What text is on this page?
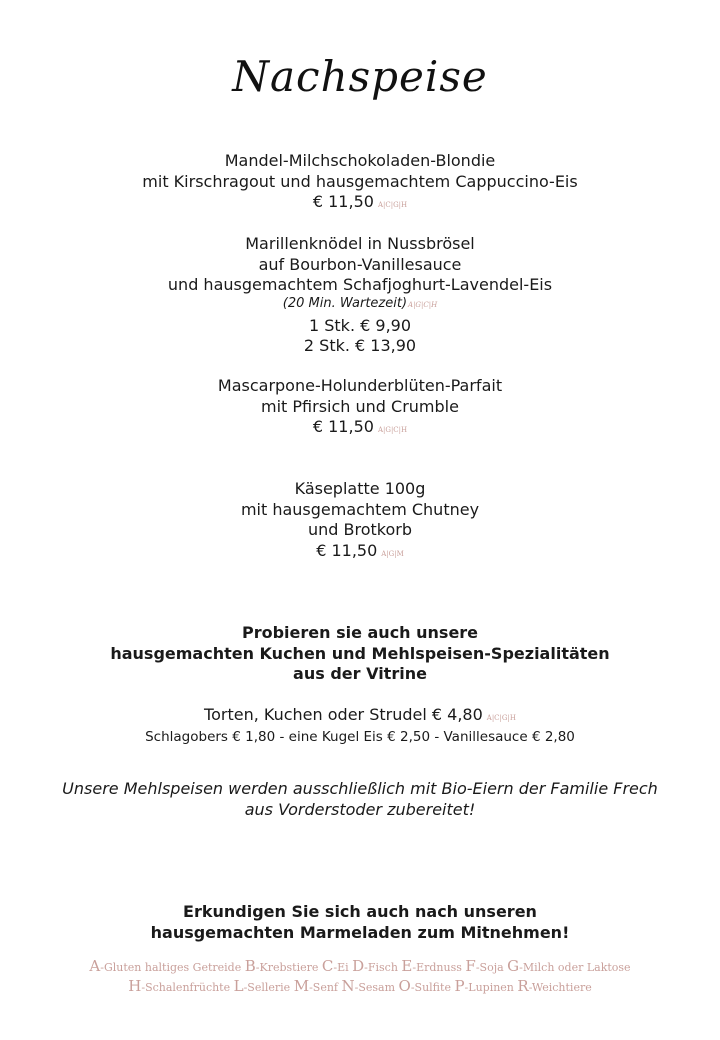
Nachspeise
Mandel-Milchschokoladen-Blondie
mit Kirschragout und hausgemachtem Cappuccino-Eis
€ 11,50 A|C|G|H
Marillenknödel in Nussbrösel
auf Bourbon-Vanillesauce
und hausgemachtem Schafjoghurt-Lavendel-Eis
(20 Min. Wartezeit)A|G|C|H
1 Stk. € 9,90
2 Stk. € 13,90
Mascarpone-Holunderblüten-Parfait
mit Pfirsich und Crumble
€ 11,50 A|G|C|H
Käseplatte 100g
mit hausgemachtem Chutney
und Brotkorb
€ 11,50 A|G|M
Probieren sie auch unsere
hausgemachten Kuchen und Mehlspeisen-Spezialitäten
aus der Vitrine
Torten, Kuchen oder Strudel € 4,80 A|C|G|H
Schlagobers € 1,80 - eine Kugel Eis € 2,50 - Vanillesauce € 2,80
Unsere Mehlspeisen werden ausschließlich mit Bio-Eiern der Familie Frech
aus Vorderstoder zubereitet!
Erkundigen Sie sich auch nach unseren
hausgemachten Marmeladen zum Mitnehmen!
A-Gluten haltiges Getreide B-Krebstiere C-Ei D-Fisch E-Erdnuss F-Soja G-Milch oder Laktose
H-Schalenfrüchte L-Sellerie M-Senf N-Sesam O-Sulfite P-Lupinen R-Weichtiere
